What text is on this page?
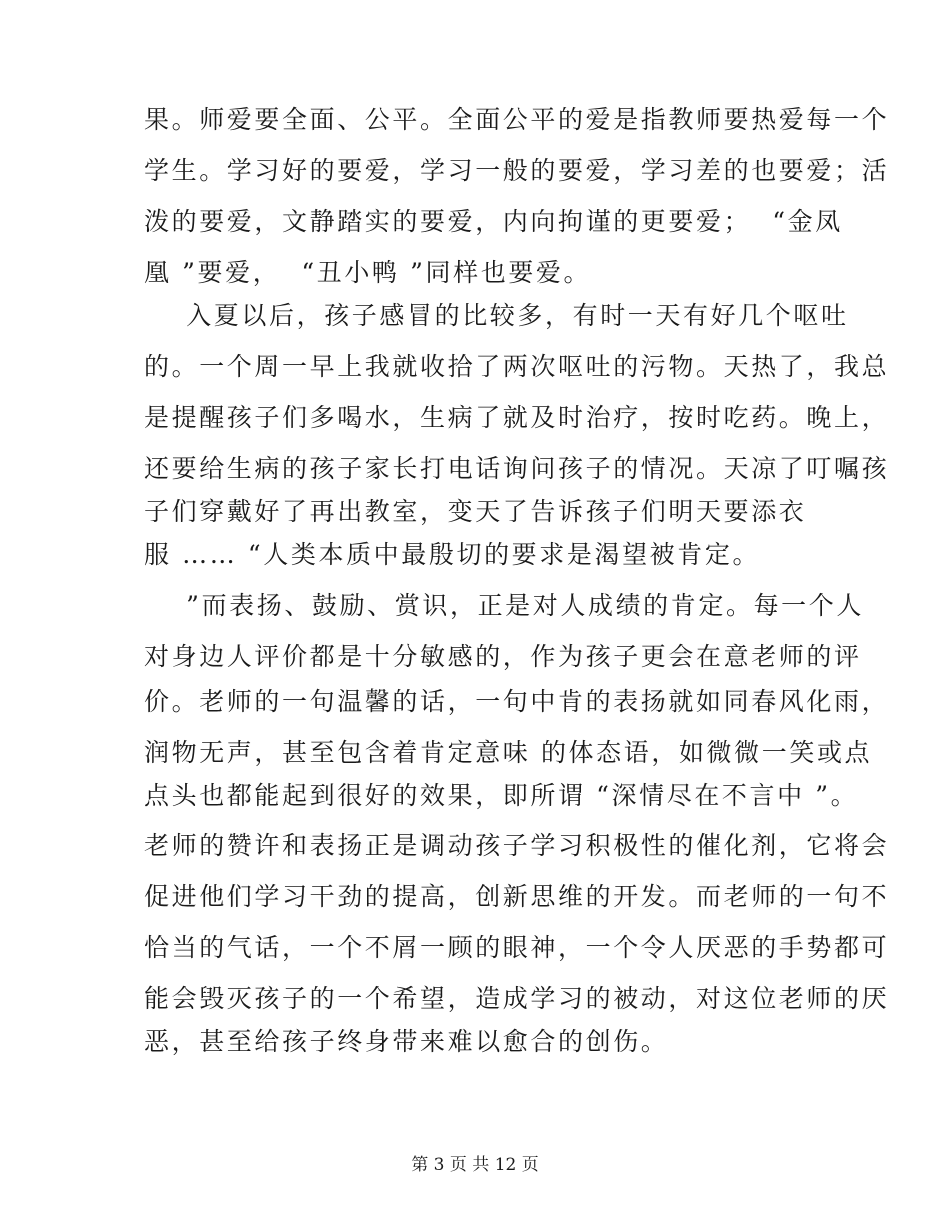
果。师爱要全面、公平。全面公平的爱是指教师要热爱每一个
学生。学习好的要爱，学习一般的要爱，学习差的也要爱；活
泼的要爱，文静踏实的要爱，内向拘谨的更要爱；  “金凤
凰 ”要爱，  “丑小鸭 ”同样也要爱。
入夏以后，孩子感冒的比较多，有时一天有好几个呕吐
的。一个周一早上我就收拾了两次呕吐的污物。天热了，我总
是提醒孩子们多喝水，生病了就及时治疗，按时吃药。晚上，
还要给生病的孩子家长打电话询问孩子的情况。天凉了叮嘱孩
子们穿戴好了再出教室，变天了告诉孩子们明天要添衣
服 …… “人类本质中最殷切的要求是渴望被肯定。
”而表扬、鼓励、赏识，正是对人成绩的肯定。每一个人
对身边人评价都是十分敏感的，作为孩子更会在意老师的评
价。老师的一句温馨的话，一句中肯的表扬就如同春风化雨，
润物无声，甚至包含着肯定意味 的体态语，如微微一笑或点
点头也都能起到很好的效果，即所谓 “深情尽在不言中 ”。
老师的赞许和表扬正是调动孩子学习积极性的催化剂，它将会
促进他们学习干劲的提高，创新思维的开发。而老师的一句不
恰当的气话，一个不屑一顾的眼神，一个令人厌恶的手势都可
能会毁灭孩子的一个希望，造成学习的被动，对这位老师的厌
恶，甚至给孩子终身带来难以愈合的创伤。
第 3 页 共 12 页
